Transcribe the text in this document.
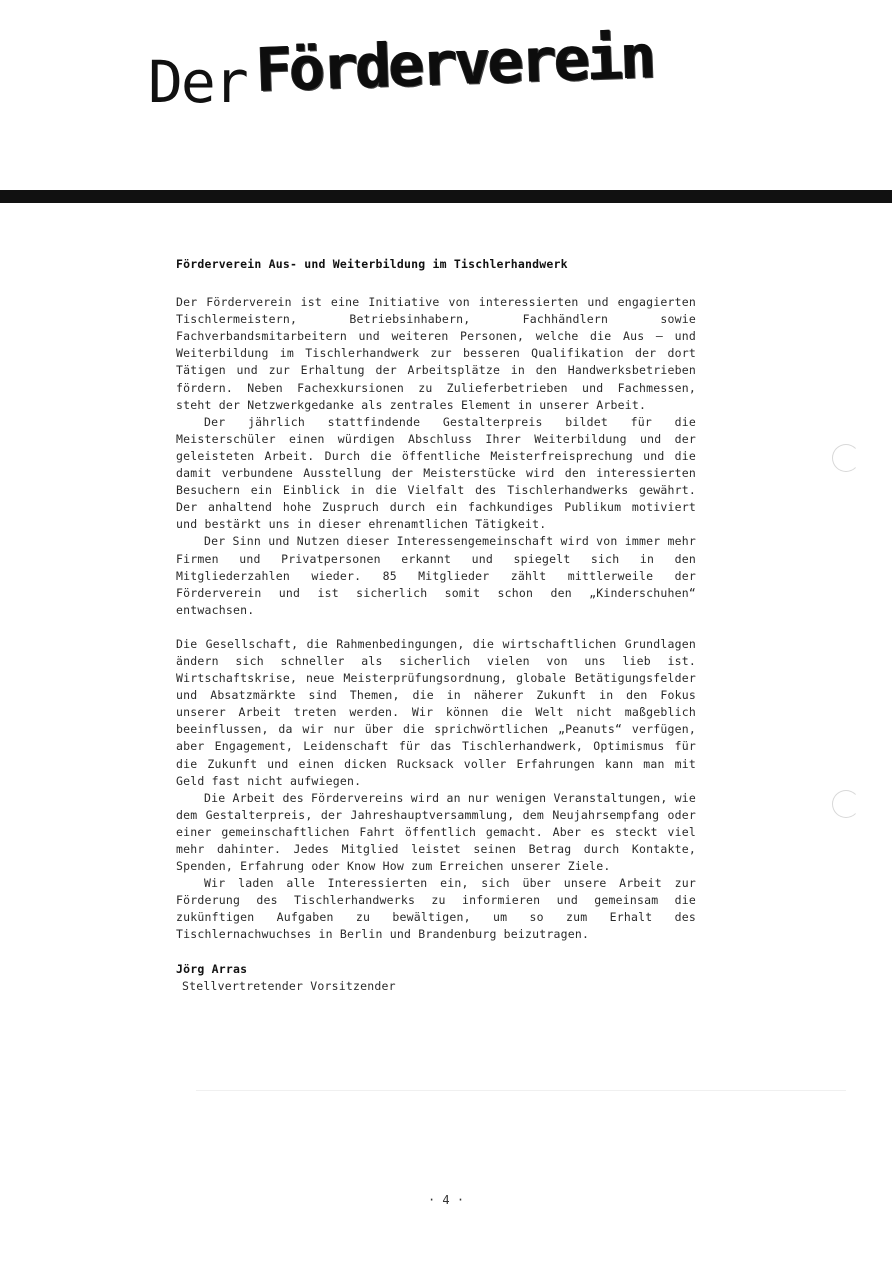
Der Förderverein
Förderverein Aus- und Weiterbildung im Tischlerhandwerk

Der Förderverein ist eine Initiative von interessierten und engagierten Tischlermeistern, Betriebsinhabern, Fachhändlern sowie Fachverbandsmitarbeitern und weiteren Personen, welche die Aus – und Weiterbildung im Tischlerhandwerk zur besseren Qualifikation der dort Tätigen und zur Erhaltung der Arbeitsplätze in den Handwerksbetrieben fördern. Neben Fachexkursionen zu Zulieferbetrieben und Fachmessen, steht der Netzwerkgedanke als zentrales Element in unserer Arbeit.

Der jährlich stattfindende Gestalterpreis bildet für die Meisterschüler einen würdigen Abschluss Ihrer Weiterbildung und der geleisteten Arbeit. Durch die öffentliche Meisterfreisprechung und die damit verbundene Ausstellung der Meisterstücke wird den interessierten Besuchern ein Einblick in die Vielfalt des Tischlerhandwerks gewährt. Der anhaltend hohe Zuspruch durch ein fachkundiges Publikum motiviert und bestärkt uns in dieser ehrenamtlichen Tätigkeit.

Der Sinn und Nutzen dieser Interessengemeinschaft wird von immer mehr Firmen und Privatpersonen erkannt und spiegelt sich in den Mitgliederzahlen wieder. 85 Mitglieder zählt mittlerweile der Förderverein und ist sicherlich somit schon den „Kinderschuhen“ entwachsen.

Die Gesellschaft, die Rahmenbedingungen, die wirtschaftlichen Grundlagen ändern sich schneller als sicherlich vielen von uns lieb ist. Wirtschaftskrise, neue Meisterprüfungsordnung, globale Betätigungsfelder und Absatzmärkte sind Themen, die in näherer Zukunft in den Fokus unserer Arbeit treten werden. Wir können die Welt nicht maßgeblich beeinflussen, da wir nur über die sprichwörtlichen „Peanuts“ verfügen, aber Engagement, Leidenschaft für das Tischlerhandwerk, Optimismus für die Zukunft und einen dicken Rucksack voller Erfahrungen kann man mit Geld fast nicht aufwiegen.

Die Arbeit des Fördervereins wird an nur wenigen Veranstaltungen, wie dem Gestalterpreis, der Jahreshauptversammlung, dem Neujahrsempfang oder einer gemeinschaftlichen Fahrt öffentlich gemacht. Aber es steckt viel mehr dahinter. Jedes Mitglied leistet seinen Betrag durch Kontakte, Spenden, Erfahrung oder Know How zum Erreichen unserer Ziele.

Wir laden alle Interessierten ein, sich über unsere Arbeit zur Förderung des Tischlerhandwerks zu informieren und gemeinsam die zukünftigen Aufgaben zu bewältigen, um so zum Erhalt des Tischlernachwuchses in Berlin und Brandenburg beizutragen.

Jörg Arras
Stellvertretender Vorsitzender
· 4 ·
